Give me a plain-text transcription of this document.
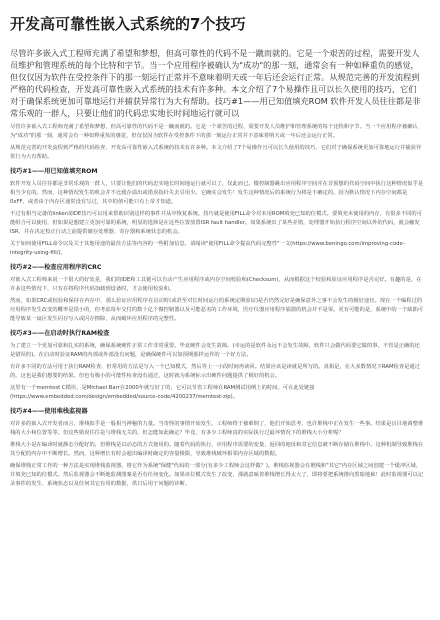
开发高可靠性嵌入式系统的7个技巧

尽管许多嵌入式工程师充满了希望和梦想，但高可靠性的代码不是一蹴而就的。它是一个艰苦的过程，需要开发人员维护和管理系统的每个比特和字节。当一个应用程序被确认为"成功"的那一刻，通常会有一种如释重负的感觉，但仅仅因为软件在受控条件下的那一刻运行正常并不意味着明天或一年后还会运行正常。从规范完善的开发流程到严格的代码检查，开发高可靠性嵌入式系统的技术有许多种。本文介绍了7个易操作且可以长久使用的技巧，它们对于确保系统更加可靠地运行并捕获异常行为大有帮助。技巧#1——用已知值填充ROM 软件开发人员往往都是非常乐观的一群人，只要让他们的代码忠实地长时间地运行就可以

尽管许多嵌入式工程师充满了希望和梦想，但高可靠性的代码不是一蹴而就的。它是一个艰苦的过程，需要开发人员维护和管理系统的每个比特和字节。当一个应用程序被确认为"成功"的那一刻，通常会有一种如释重负的感觉，但仅仅因为软件在受控条件下的那一刻运行正常并不意味着明天或一年后还会运行正常。

从规范完善的开发流程到严格的代码检查，开发高可靠性嵌入式系统的技术有许多种。本文介绍了7个易操作且可以长久使用的技巧，它们对于确保系统更加可靠地运行并捕获异常行为大有帮助。

技巧#1——用已知值填充ROM

软件开发人员往往都是非常乐观的一群人，只要让他们的代码忠实地长时间地运行就可以了，仅此而已。微控制器跳出应用程序空间并在非预想的代码空间中执行这种情况似乎是相当少有的。然而，这种情况发生的机会并不比缓存溢出或错误指针失去引用少。它确实会发生！发生这种情况后的系统行为将是不确定的，因为默认情况下内存空间都是0xFF，或者由于内存区通常没有写过，其中的值可能只有上帝才知道。

不过有相当完备的linker或IDE技巧可以用来帮助识别这样的事件并从中恢复系统。技巧就是使用FILL命令对未用ROM填充已知的位模式。要填充未使用的内存，有很多不同的可能组合可以使用，但如果是想建立更加可靠的系统，明显的选择是在这些位置放置ISR fault handler。如果系统出了某些差错，处理器开始执行程序空间以外的代码，就会触发ISR，并在决定校正行动之前提供储存处理器、寄存器和系统状态的机会。

关于如何使用FILL命令以及关于其他用途的最佳方法等内容的一些附加信息，请阅读"使用FILL命令提高代码完整性"一文(https://www.beningo.com/improving-code-integrity-using-fill/)。

技巧#2——检查应用程序的CRC

对嵌入式工程师来说一个很大的好处是，我们的IDE和工具链可以自动产生应用程序或内存空间校验和(Checksum)，从而根据这个校验和验证应用程序是否完好。有趣的是，在许多这些情况下，只有在将程序代码加载到设备时，才会使用校验和。

然而，如果CRC或校验和保持在内存中，那么验证应用程序在启动时(或甚至对长时间运行的系统定期验证)是否仍然完好是确保意外之事不会发生的极好途径。现在一个编程过的应用程序发生改变的概率是很小的，但考虑每年交付的数十亿个微控制器以及可能恶劣的工作环境，医疗仪器应用程序崩溃的机会并不是零。更有可能的是，系统中的一个缺陷可能导致某一扇区发生闪存写入或闪存擦除，从而破坏应用程序的完整性。

技巧#3——在启动时执行RAM检查

为了建立一个更加可靠和扎实的系统，确保系统硬件正常工作非常重要。毕竟硬件会发生故障。(幸运的是软件永远不会发生故障，软件只会做代码要它做的事，不管是正确的还是错误的)。在启动时验证RAM的内部或外部没有问题，是确保硬件可以如预期那样运作的一个好方法。

有许多不同的方法可用于执行RAM检查，但常用的方法是写入一个已知模式，然后等上一小段时间再读回。结果应该是读就是所写的。真相是，在大多数情况下RAM检查是通过的，这也是我们想要的结果。但也有极小的可能性检查没有通过，这时就为系统标示出硬件问题提供了极好的机会。

这里有一个memtest C模块，是Michael Barr在2000年就写好了的，它可以节省工程师在RAM测试用例上的时间。可在此处链接(https://www.embedded.com/design/embedded/source-code/4200237/memtest-zip)。

技巧#4——使用堆栈监视器

对许多的嵌入式开发者而言，堆栈似乎是一股相当神秘的力量。当奇怪的事情开始发生，工程师终于被难倒了，他们开始思考，也许堆栈中正在发生一些事。结果是盲目地调整堆栈的大小和位置等等。但这些错误往往是与堆栈无关的，但怎能如此确定？毕竟，有多少工程师真的实际执行过最坏情况下的堆栈大小分析呢？

堆栈大小是在编译时就静态分配好的，但堆栈是以动态的方式使用的。随着代码的执行，应用程序需要的变量，返回的地址和其它信息被不断存储在堆栈中。这种机制导致堆栈在其分配的内存中不断增长。然而，这种增长有时会超出编译时确定的容量极限，导致堆栈破坏相邻内存区域的数据。

确保堆栈正常工作的一种方法是实现堆栈监视器，将它作为系统"保健"代码的一部分(有多少工程师会这样做？)。堆栈监视器会在堆栈和"其它"内存区域之间创建一个缓冲区域，并填充已知的位模式。然后监视器会不断地监测图案是否有任何变化。如果该位模式发生了改变，那就意味着堆栈增长得太大了，即将要把系统推向黑暗地狱！此时监视器可以记录事件的发生、系统状态以及任何其它有用的数据，供日后用于问题的诊断。
